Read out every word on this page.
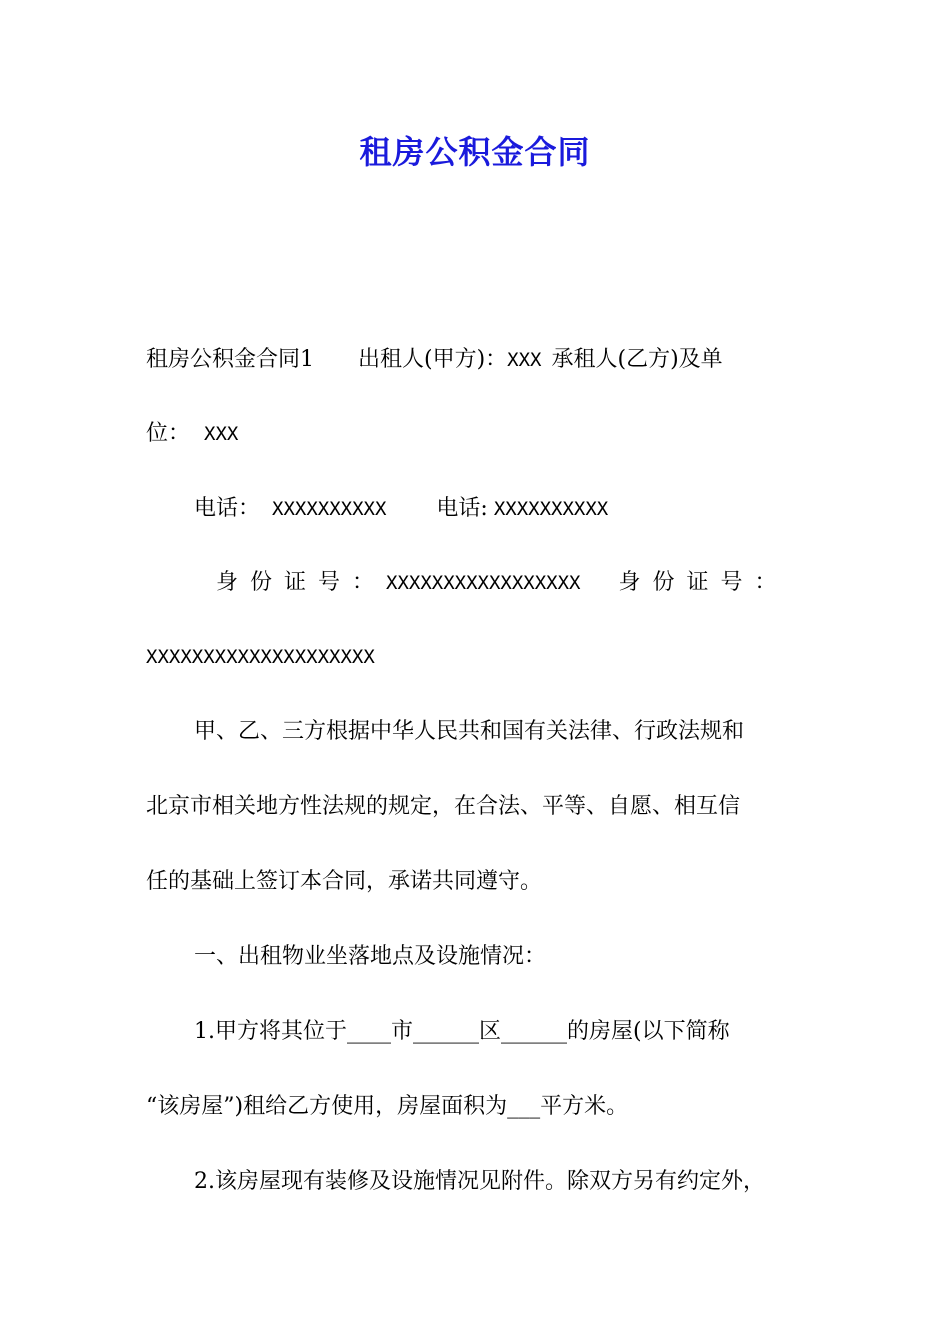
租房公积金合同
租房公积金合同1 出租人(甲方)：XXX 承租人(乙方)及单
位： XXX
电话： XXXXXXXXXX 电话: XXXXXXXXXX
身份证号：XXXXXXXXXXXXXXXXX 身份证号：
XXXXXXXXXXXXXXXXXXXX
甲、乙、三方根据中华人民共和国有关法律、行政法规和
北京市相关地方性法规的规定，在合法、平等、自愿、相互信
任的基础上签订本合同，承诺共同遵守。
一、出租物业坐落地点及设施情况：
1.甲方将其位于____市______区______的房屋(以下简称
“该房屋”)租给乙方使用，房屋面积为___平方米。
2.该房屋现有装修及设施情况见附件。除双方另有约定外，
